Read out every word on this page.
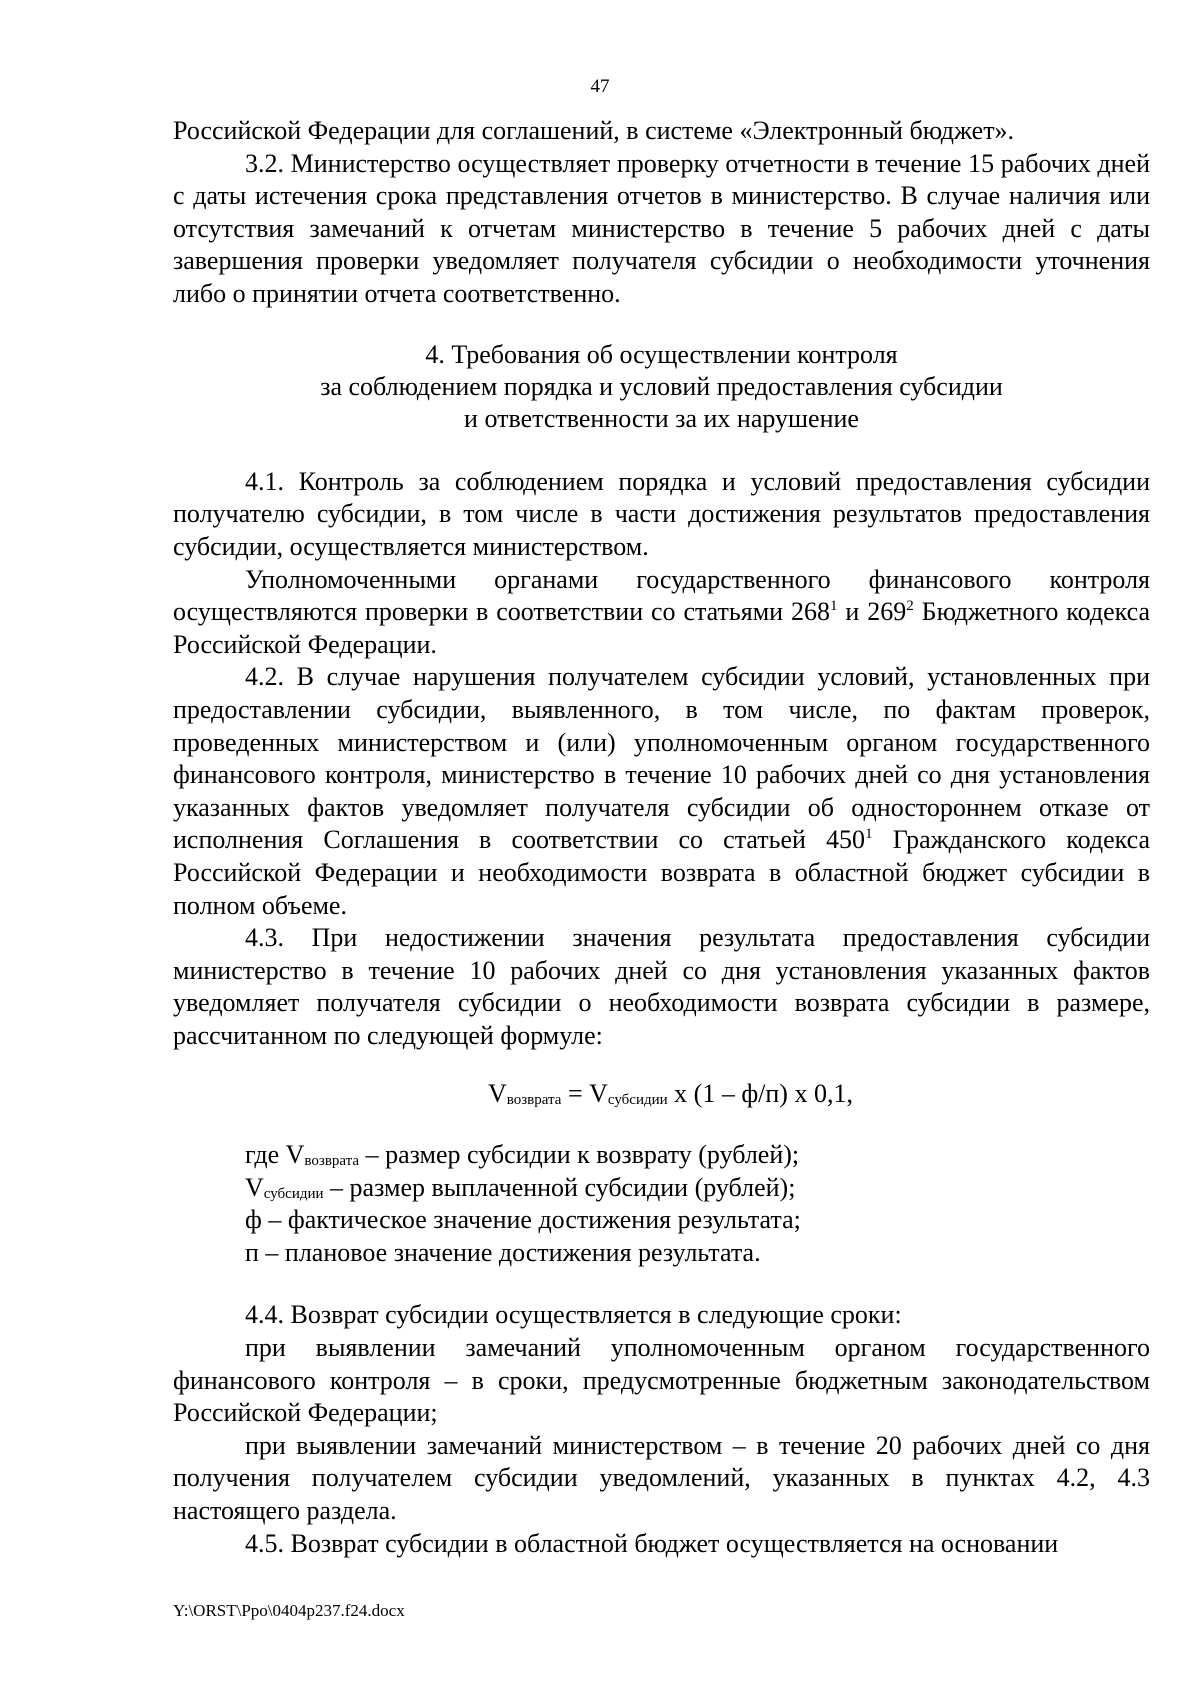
47

Российской Федерации для соглашений, в системе «Электронный бюджет».

3.2. Министерство осуществляет проверку отчетности в течение 15 рабочих дней с даты истечения срока представления отчетов в министерство. В случае наличия или отсутствия замечаний к отчетам министерство в течение 5 рабочих дней с даты завершения проверки уведомляет получателя субсидии о необходимости уточнения либо о принятии отчета соответственно.

4. Требования об осуществлении контроля
за соблюдением порядка и условий предоставления субсидии
и ответственности за их нарушение

4.1. Контроль за соблюдением порядка и условий предоставления субсидии получателю субсидии, в том числе в части достижения результатов предоставления субсидии, осуществляется министерством.

Уполномоченными органами государственного финансового контроля осуществляются проверки в соответствии со статьями $268^1$ и $269^2$ Бюджетного кодекса Российской Федерации.

4.2. В случае нарушения получателем субсидии условий, установленных при предоставлении субсидии, выявленного, в том числе, по фактам проверок, проведенных министерством и (или) уполномоченным органом государственного финансового контроля, министерство в течение 10 рабочих дней со дня установления указанных фактов уведомляет получателя субсидии об одностороннем отказе от исполнения Соглашения в соответствии со статьей $450^1$ Гражданского кодекса Российской Федерации и необходимости возврата в областной бюджет субсидии в полном объеме.

4.3. При недостижении значения результата предоставления субсидии министерство в течение 10 рабочих дней со дня установления указанных фактов уведомляет получателя субсидии о необходимости возврата субсидии в размере, рассчитанном по следующей формуле:

$V_{возврата} = V_{субсидии}$ х (1 – ф/п) х 0,1,

где $V_{возврата}$ – размер субсидии к возврату (рублей);

$V_{субсидии}$ – размер выплаченной субсидии (рублей);

ф – фактическое значение достижения результата;

п – плановое значение достижения результата.

4.4. Возврат субсидии осуществляется в следующие сроки:

при выявлении замечаний уполномоченным органом государственного финансового контроля – в сроки, предусмотренные бюджетным законодательством Российской Федерации;

при выявлении замечаний министерством – в течение 20 рабочих дней со дня получения получателем субсидии уведомлений, указанных в пунктах 4.2, 4.3 настоящего раздела.

4.5. Возврат субсидии в областной бюджет осуществляется на основании

Y:\ORST\Ppo\0404p237.f24.docx
